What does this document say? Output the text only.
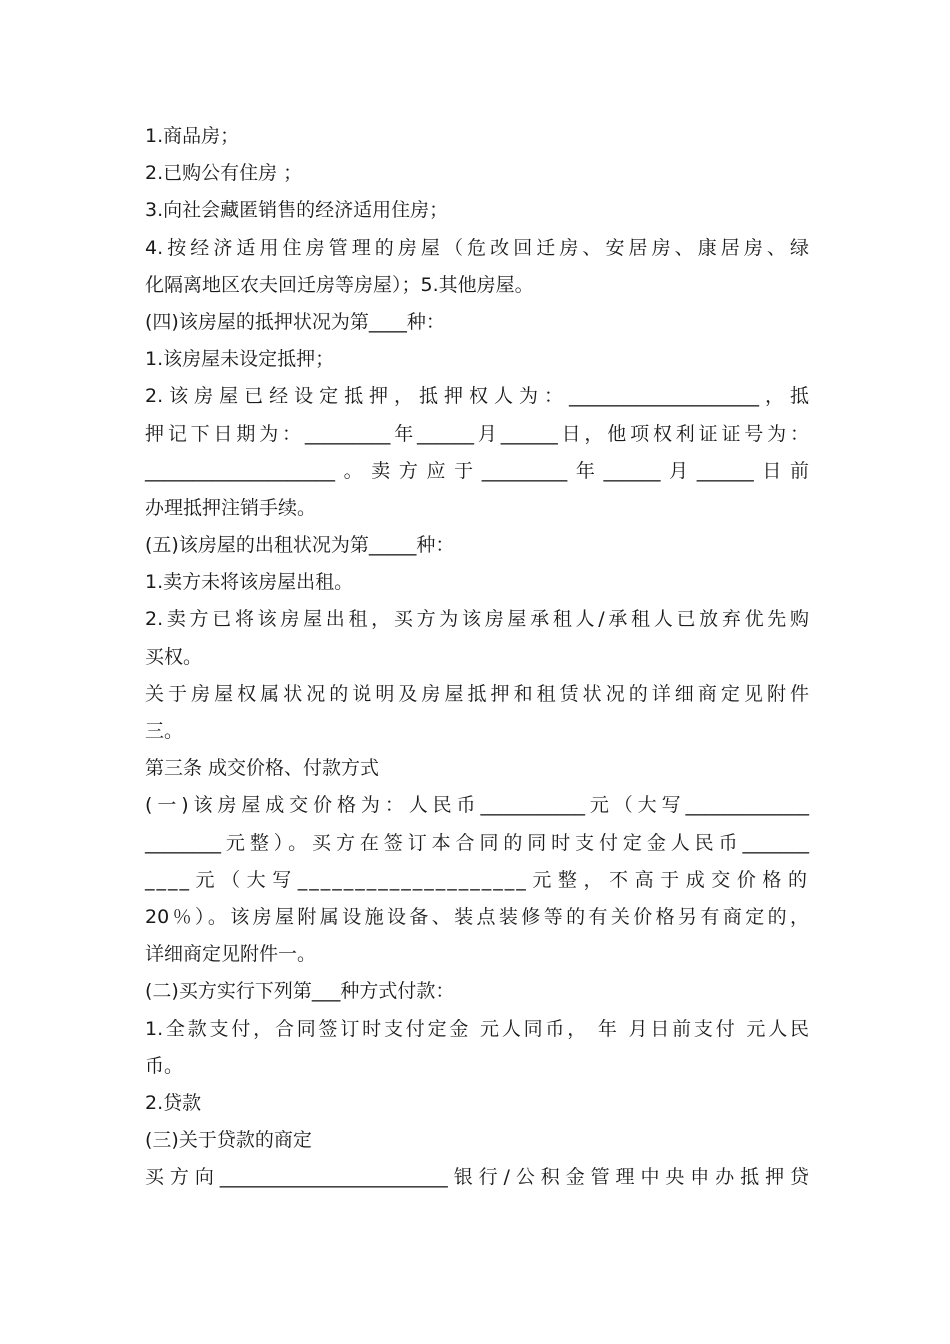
1.商品房；
2.已购公有住房 ；
3.向社会藏匿销售的经济适用住房；
4.按经济适用住房管理的房屋（危改回迁房、安居房、康居房、绿
化隔离地区农夫回迁房等房屋）；5.其他房屋。
(四)该房屋的抵押状况为第____种：
1.该房屋未设定抵押；
2.该房屋已经设定抵押，抵押权人为：____________________，抵
押记下日期为：_________年______月______日，他项权利证证号为：
____________________。卖方应于_________年______月______日前
办理抵押注销手续。
(五)该房屋的出租状况为第_____种：
1.卖方未将该房屋出租。
2.卖方已将该房屋出租，买方为该房屋承租人/承租人已放弃优先购
买权。
关于房屋权属状况的说明及房屋抵押和租赁状况的详细商定见附件
三。
第三条 成交价格、付款方式
(一)该房屋成交价格为：人民币___________元（大写_____________
________元整）。买方在签订本合同的同时支付定金人民币_______
____元（大写____________________元整，不高于成交价格的
20％）。该房屋附属设施设备、装点装修等的有关价格另有商定的，
详细商定见附件一。
(二)买方实行下列第___种方式付款：
1.全款支付，合同签订时支付定金 元人同币， 年 月日前支付 元人民
币。
2.贷款
(三)关于贷款的商定
买方向________________________银行/公积金管理中央申办抵押贷
